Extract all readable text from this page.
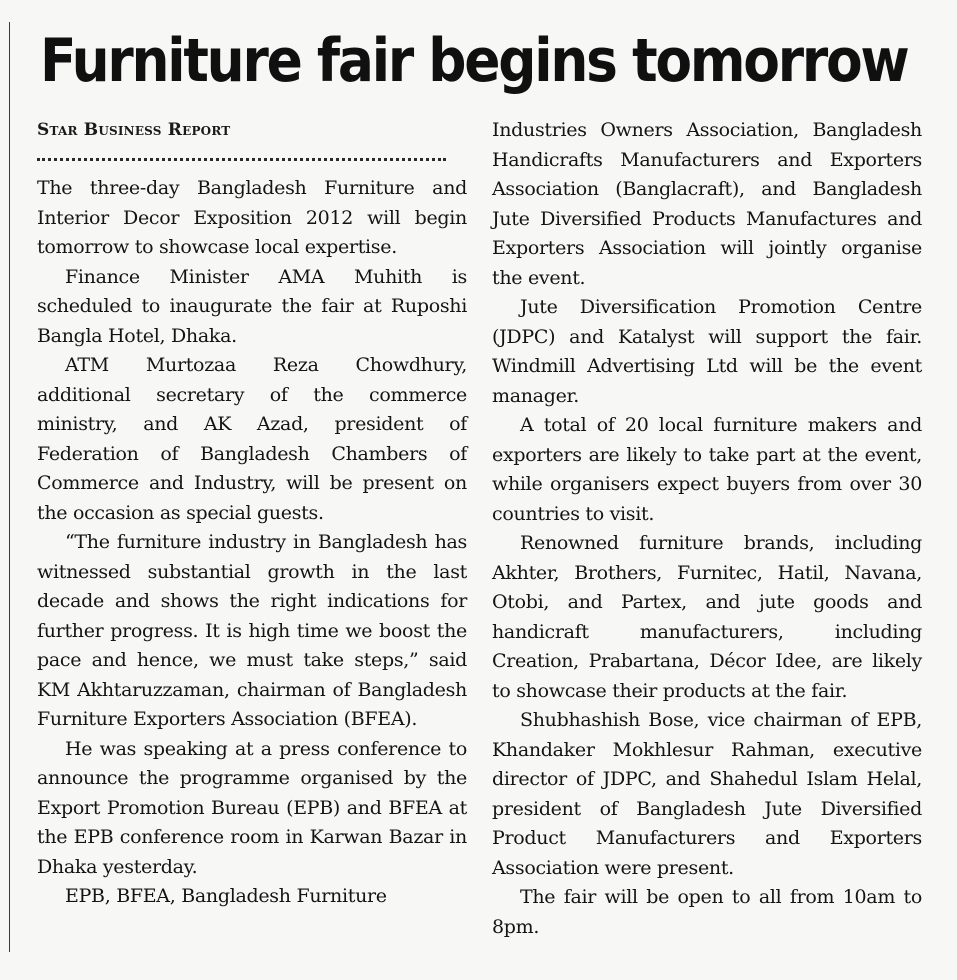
Furniture fair begins tomorrow
Star Business Report

The three-day Bangladesh Furniture and Interior Decor Exposition 2012 will begin tomorrow to showcase local expertise.

Finance Minister AMA Muhith is scheduled to inaugurate the fair at Ruposhi Bangla Hotel, Dhaka.

ATM Murtozaa Reza Chowdhury, additional secretary of the commerce ministry, and AK Azad, president of Federation of Bangladesh Chambers of Commerce and Industry, will be present on the occasion as special guests.

“The furniture industry in Bangladesh has witnessed substantial growth in the last decade and shows the right indications for further progress. It is high time we boost the pace and hence, we must take steps,” said KM Akhtaruzzaman, chairman of Bangladesh Furniture Exporters Association (BFEA).

He was speaking at a press conference to announce the programme organised by the Export Promotion Bureau (EPB) and BFEA at the EPB conference room in Karwan Bazar in Dhaka yesterday.

EPB, BFEA, Bangladesh Furniture

Industries Owners Association, Bangladesh Handicrafts Manufacturers and Exporters Association (Banglacraft), and Bangladesh Jute Diversified Products Manufactures and Exporters Association will jointly organise the event.

Jute Diversification Promotion Centre (JDPC) and Katalyst will support the fair. Windmill Advertising Ltd will be the event manager.

A total of 20 local furniture makers and exporters are likely to take part at the event, while organisers expect buyers from over 30 countries to visit.

Renowned furniture brands, including Akhter, Brothers, Furnitec, Hatil, Navana, Otobi, and Partex, and jute goods and handicraft manufacturers, including Creation, Prabartana, Décor Idee, are likely to showcase their products at the fair.

Shubhashish Bose, vice chairman of EPB, Khandaker Mokhlesur Rahman, executive director of JDPC, and Shahedul Islam Helal, president of Bangladesh Jute Diversified Product Manufacturers and Exporters Association were present.

The fair will be open to all from 10am to 8pm.
